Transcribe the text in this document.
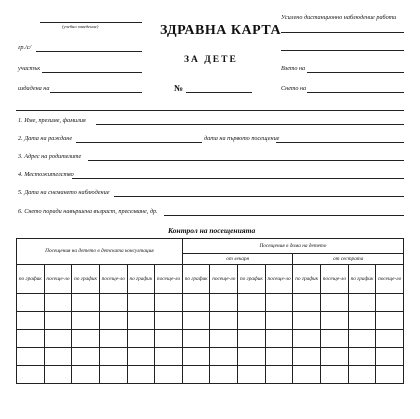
(учебно заведение)
гр./с/
участък
издадена на
ЗДРАВНА КАРТА
ЗА ДЕТЕ
№
Усилено дистанционно наблюдение работи
Взето на
Снето на
1. Име, презиме, фамилия
2. Дата на раждане	дата на първото посещение
3. Адрес на родителите
4. Местожителство
5. Дата на снемането наблюдение
6. Снето поради навършена възраст, преселване, др.
Контрол на посещенията
Посещения на детето в детската консултация						Посещения в дома на детето							
						от лекаря				от сестрата			
по график	посеще-ло	по график	посеще-ло	по график	посеще-ло	по график	посеще-ло	по график	посеще-ло	по график	посеще-ло	по график	посеще-ло
